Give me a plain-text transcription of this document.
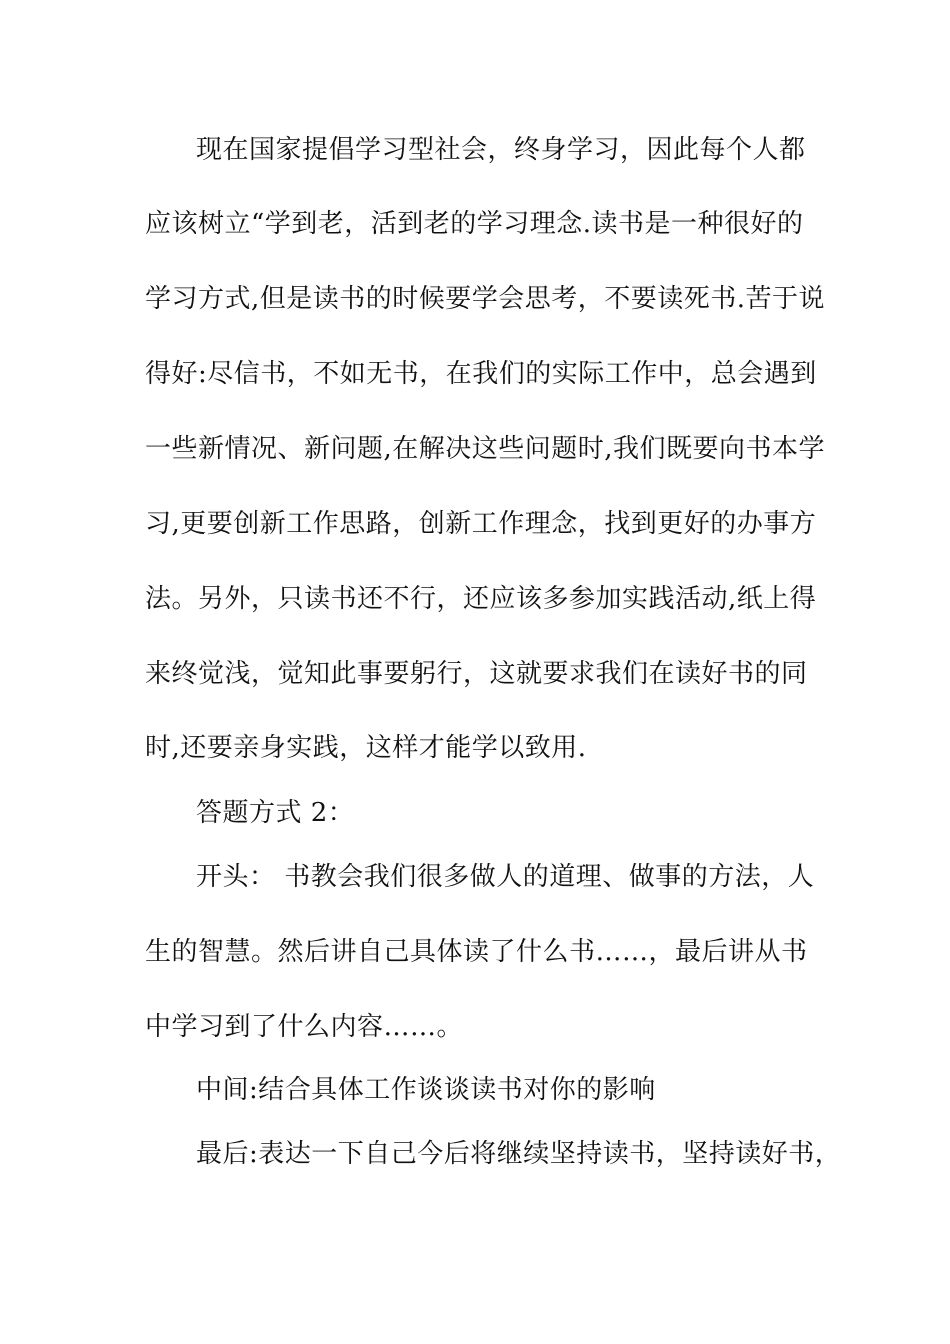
现在国家提倡学习型社会，终身学习，因此每个人都
应该树立“学到老，活到老的学习理念.读书是一种很好的
学习方式,但是读书的时候要学会思考，不要读死书.苦于说
得好:尽信书，不如无书，在我们的实际工作中，总会遇到
一些新情况、新问题,在解决这些问题时,我们既要向书本学
习,更要创新工作思路，创新工作理念，找到更好的办事方
法。另外，只读书还不行，还应该多参加实践活动,纸上得
来终觉浅，觉知此事要躬行，这就要求我们在读好书的同
时,还要亲身实践，这样才能学以致用.
答题方式 2：
开头： 书教会我们很多做人的道理、做事的方法，人
生的智慧。然后讲自己具体读了什么书……，最后讲从书
中学习到了什么内容……。
中间:结合具体工作谈谈读书对你的影响
最后:表达一下自己今后将继续坚持读书，坚持读好书，
